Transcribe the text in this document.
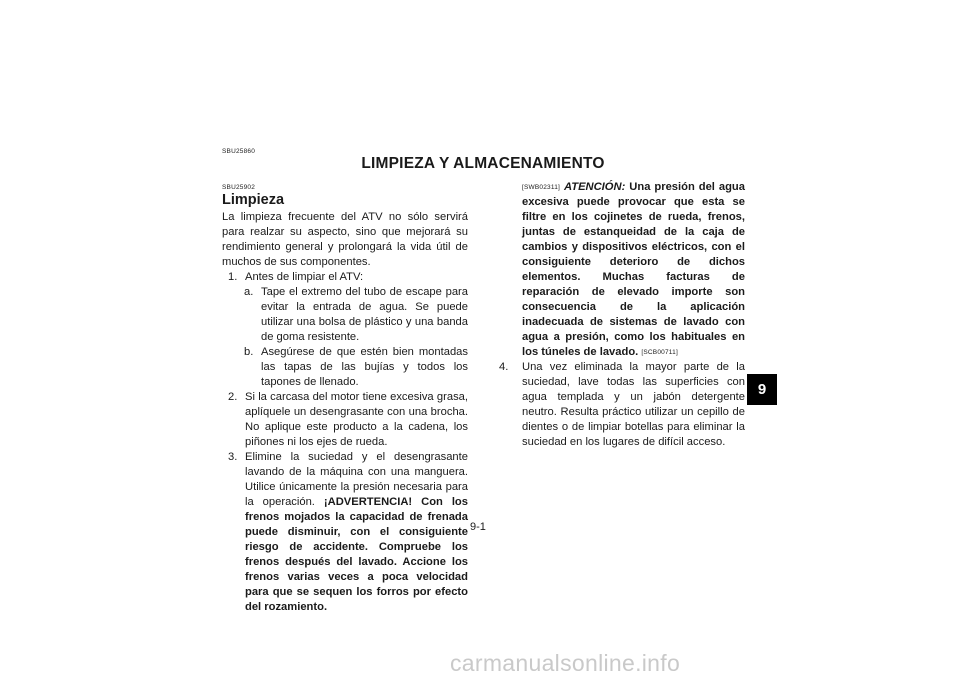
SBU25860
LIMPIEZA Y ALMACENAMIENTO
SBU25902
Limpieza

La limpieza frecuente del ATV no sólo servirá para realzar su aspecto, sino que mejorará su rendimiento general y prolongará la vida útil de muchos de sus componentes.

1. Antes de limpiar el ATV:
a. Tape el extremo del tubo de escape para evitar la entrada de agua. Se puede utilizar una bolsa de plástico y una banda de goma resistente.
b. Asegúrese de que estén bien montadas las tapas de las bujías y todos los tapones de llenado.
2. Si la carcasa del motor tiene excesiva grasa, aplíquele un desengrasante con una brocha. No aplique este producto a la cadena, los piñones ni los ejes de rueda.
3. Elimine la suciedad y el desengrasante lavando de la máquina con una manguera. Utilice únicamente la presión necesaria para la operación. ¡ADVERTENCIA! Con los frenos mojados la capacidad de frenada puede disminuir, con el consiguiente riesgo de accidente. Compruebe los frenos después del lavado. Accione los frenos varias veces a poca velocidad para que se sequen los forros por efecto del rozamiento.
[SWB02311] ATENCIÓN: Una presión del agua excesiva puede provocar que esta se filtre en los cojinetes de rueda, frenos, juntas de estanqueidad de la caja de cambios y dispositivos eléctricos, con el consiguiente deterioro de dichos elementos. Muchas facturas de reparación de elevado importe son consecuencia de la aplicación inadecuada de sistemas de lavado con agua a presión, como los habituales en los túneles de lavado. [SCB00711]
4.	Una vez eliminada la mayor parte de la suciedad, lave todas las superficies con agua templada y un jabón detergente neutro. Resulta práctico utilizar un cepillo de dientes o de limpiar botellas para eliminar la suciedad en los lugares de difícil acceso.
9
9-1
carmanualsonline.info
